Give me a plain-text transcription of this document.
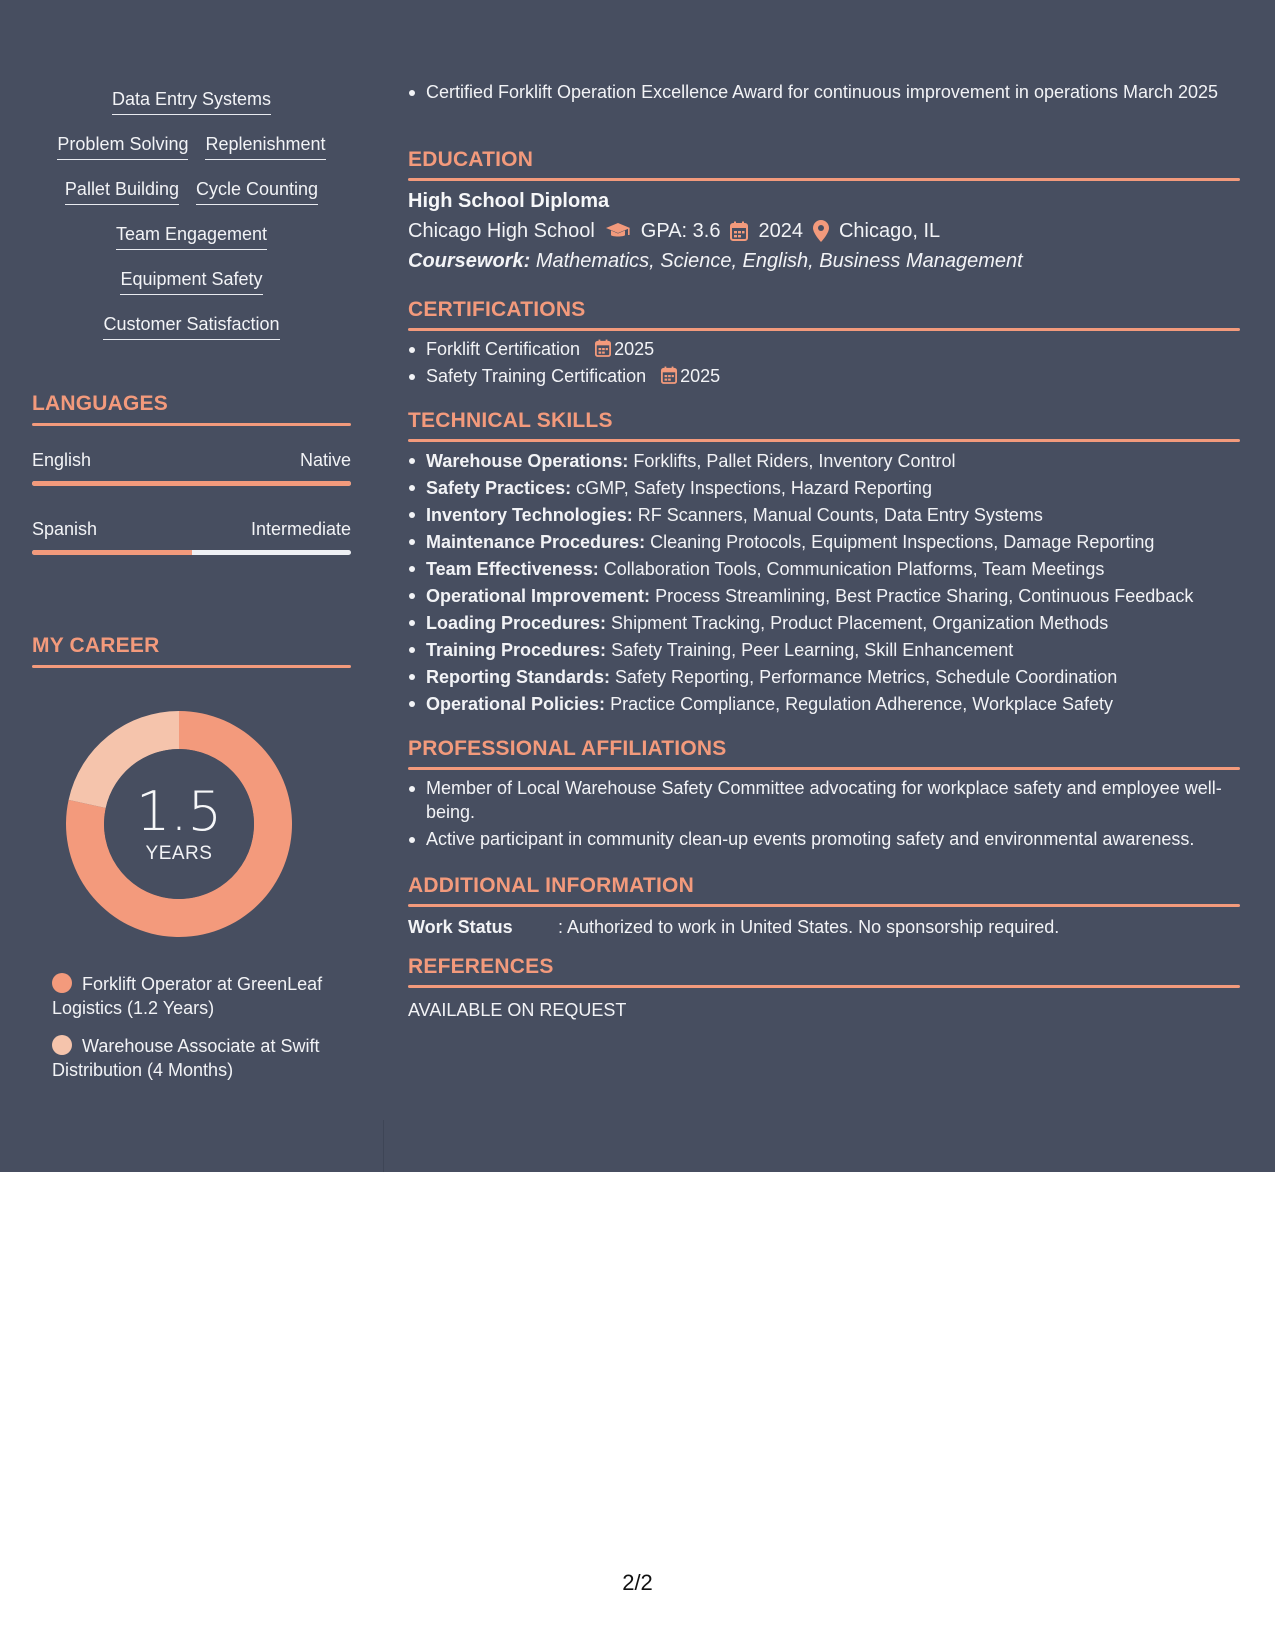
Data Entry Systems
Problem Solving Replenishment
Pallet Building Cycle Counting
Team Engagement
Equipment Safety
Customer Satisfaction
LANGUAGES
English	Native
Spanish	Intermediate
MY CAREER
1.5
YEARS
Forklift Operator at GreenLeaf Logistics (1.2 Years)
Warehouse Associate at Swift Distribution (4 Months)
Certified Forklift Operation Excellence Award for continuous improvement in operations March 2025
EDUCATION
High School Diploma
Chicago High School GPA: 3.6 2024 Chicago, IL
Coursework: Mathematics, Science, English, Business Management
CERTIFICATIONS
Forklift Certification 2025
Safety Training Certification 2025
TECHNICAL SKILLS
Warehouse Operations: Forklifts, Pallet Riders, Inventory Control
Safety Practices: cGMP, Safety Inspections, Hazard Reporting
Inventory Technologies: RF Scanners, Manual Counts, Data Entry Systems
Maintenance Procedures: Cleaning Protocols, Equipment Inspections, Damage Reporting
Team Effectiveness: Collaboration Tools, Communication Platforms, Team Meetings
Operational Improvement: Process Streamlining, Best Practice Sharing, Continuous Feedback
Loading Procedures: Shipment Tracking, Product Placement, Organization Methods
Training Procedures: Safety Training, Peer Learning, Skill Enhancement
Reporting Standards: Safety Reporting, Performance Metrics, Schedule Coordination
Operational Policies: Practice Compliance, Regulation Adherence, Workplace Safety
PROFESSIONAL AFFILIATIONS
Member of Local Warehouse Safety Committee advocating for workplace safety and employee well-being.
Active participant in community clean-up events promoting safety and environmental awareness.
ADDITIONAL INFORMATION
Work Status	: Authorized to work in United States. No sponsorship required.
REFERENCES
AVAILABLE ON REQUEST
2/2
